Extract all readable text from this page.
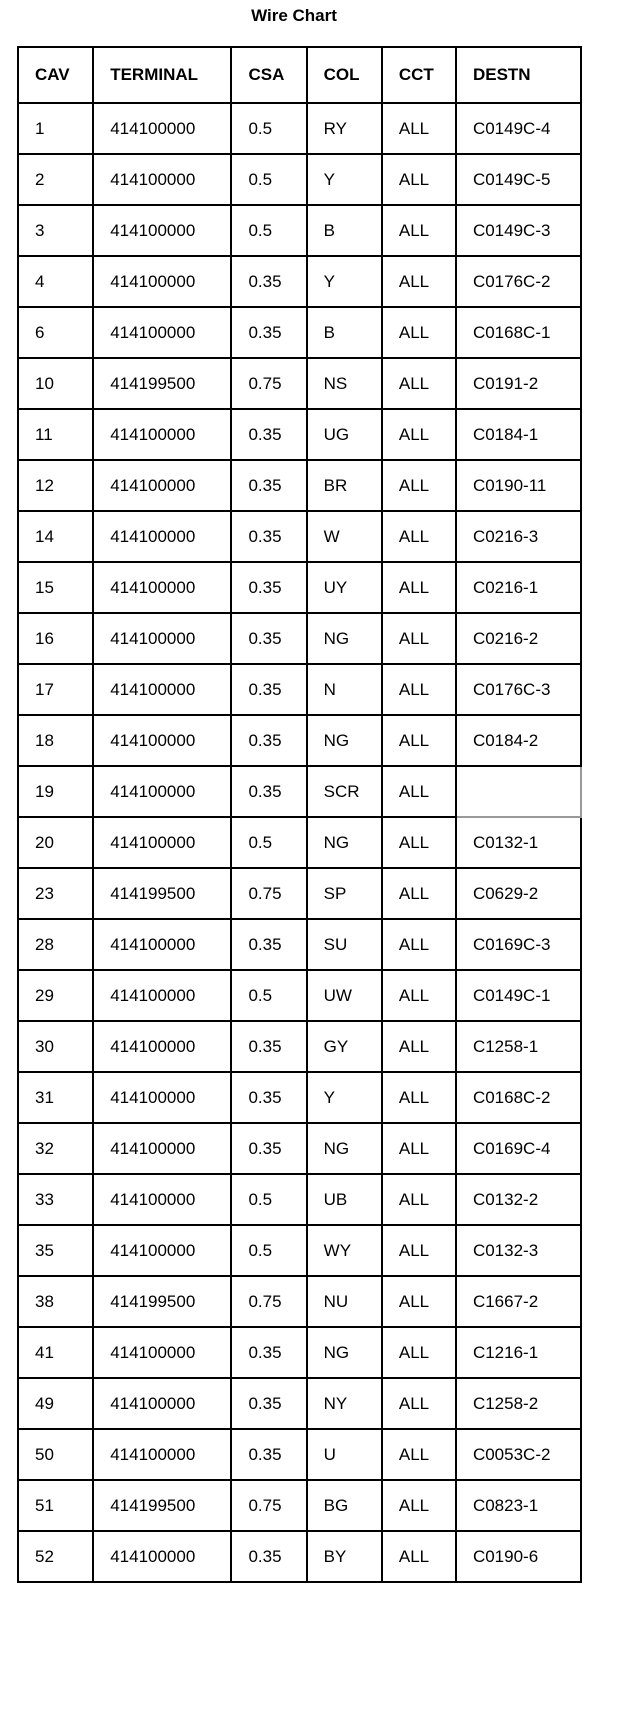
Wire Chart
CAV	TERMINAL	CSA	COL	CCT	DESTN
1	414100000	0.5	RY	ALL	C0149C-4
2	414100000	0.5	Y	ALL	C0149C-5
3	414100000	0.5	B	ALL	C0149C-3
4	414100000	0.35	Y	ALL	C0176C-2
6	414100000	0.35	B	ALL	C0168C-1
10	414199500	0.75	NS	ALL	C0191-2
11	414100000	0.35	UG	ALL	C0184-1
12	414100000	0.35	BR	ALL	C0190-11
14	414100000	0.35	W	ALL	C0216-3
15	414100000	0.35	UY	ALL	C0216-1
16	414100000	0.35	NG	ALL	C0216-2
17	414100000	0.35	N	ALL	C0176C-3
18	414100000	0.35	NG	ALL	C0184-2
19	414100000	0.35	SCR	ALL	
20	414100000	0.5	NG	ALL	C0132-1
23	414199500	0.75	SP	ALL	C0629-2
28	414100000	0.35	SU	ALL	C0169C-3
29	414100000	0.5	UW	ALL	C0149C-1
30	414100000	0.35	GY	ALL	C1258-1
31	414100000	0.35	Y	ALL	C0168C-2
32	414100000	0.35	NG	ALL	C0169C-4
33	414100000	0.5	UB	ALL	C0132-2
35	414100000	0.5	WY	ALL	C0132-3
38	414199500	0.75	NU	ALL	C1667-2
41	414100000	0.35	NG	ALL	C1216-1
49	414100000	0.35	NY	ALL	C1258-2
50	414100000	0.35	U	ALL	C0053C-2
51	414199500	0.75	BG	ALL	C0823-1
52	414100000	0.35	BY	ALL	C0190-6
